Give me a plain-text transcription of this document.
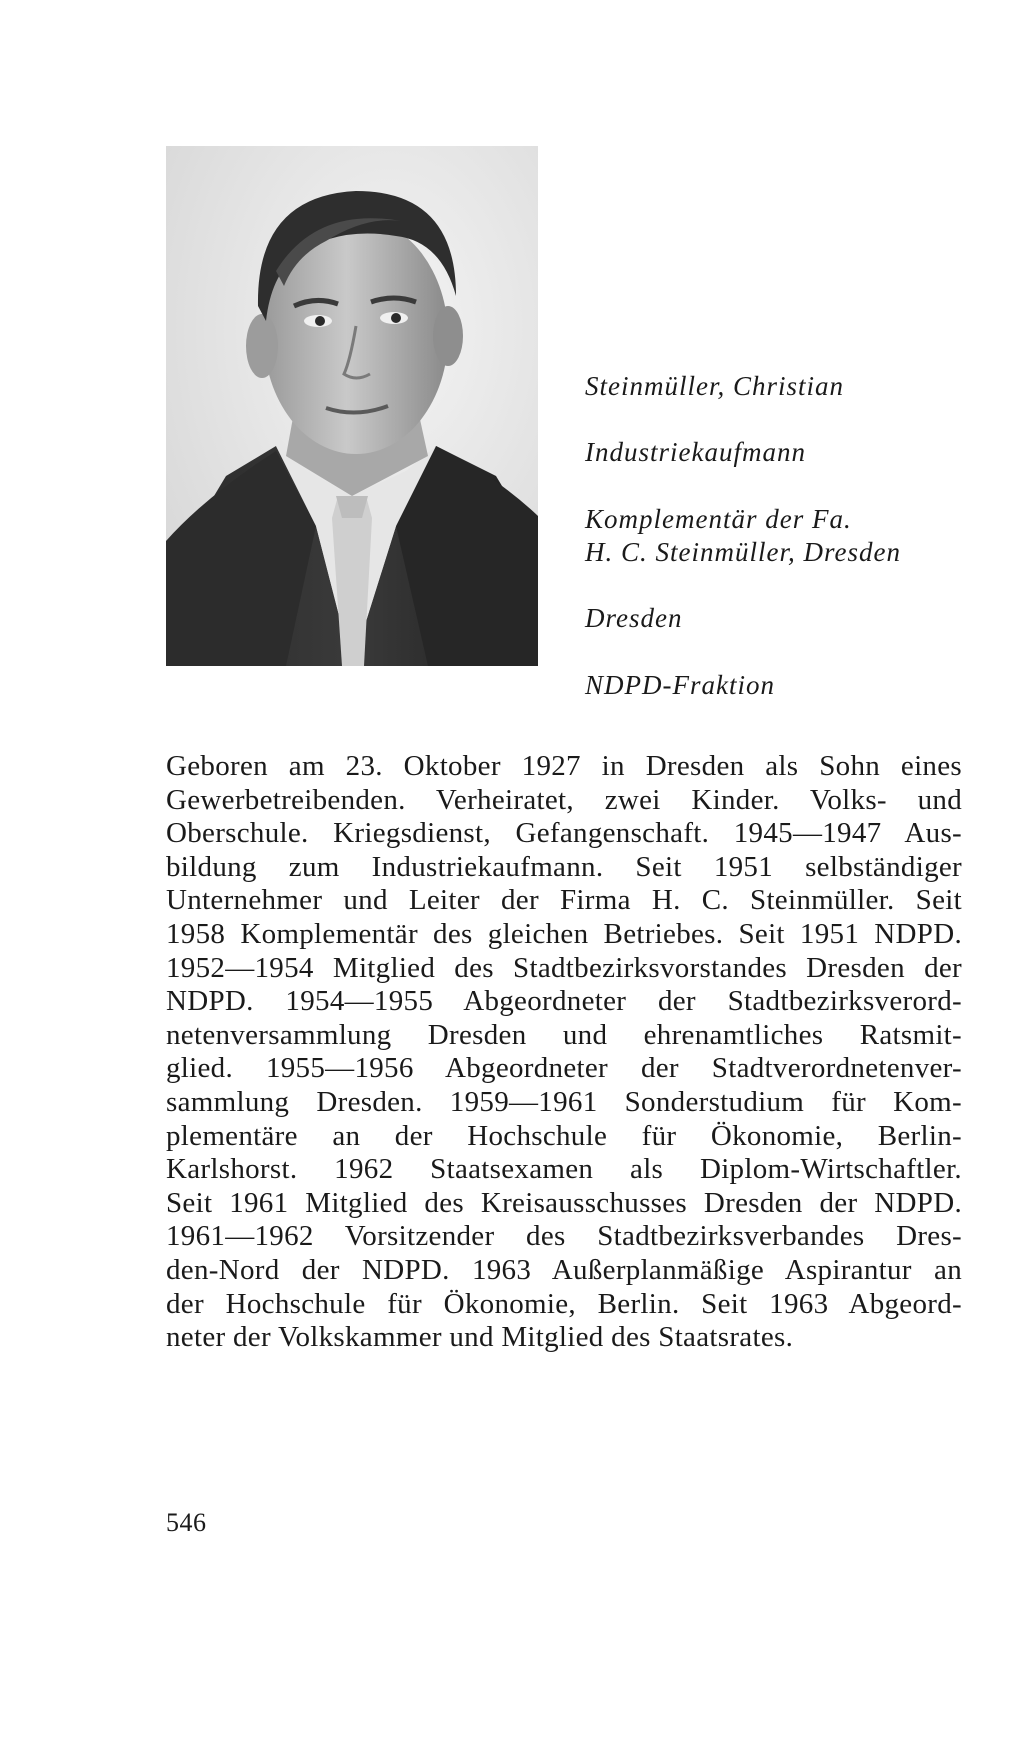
Steinmüller, Christian
Industriekaufmann
Komplementär der Fa.
H. C. Steinmüller, Dresden
Dresden
NDPD-Fraktion
Geboren am 23. Oktober 1927 in Dresden als Sohn eines
Gewerbetreibenden. Verheiratet, zwei Kinder. Volks- und
Oberschule. Kriegsdienst, Gefangenschaft. 1945—1947 Aus-
bildung zum Industriekaufmann. Seit 1951 selbständiger
Unternehmer und Leiter der Firma H. C. Steinmüller. Seit
1958 Komplementär des gleichen Betriebes. Seit 1951 NDPD.
1952—1954 Mitglied des Stadtbezirksvorstandes Dresden der
NDPD. 1954—1955 Abgeordneter der Stadtbezirksverord-
netenversammlung Dresden und ehrenamtliches Ratsmit-
glied. 1955—1956 Abgeordneter der Stadtverordnetenver-
sammlung Dresden. 1959—1961 Sonderstudium für Kom-
plementäre an der Hochschule für Ökonomie, Berlin-
Karlshorst. 1962 Staatsexamen als Diplom-Wirtschaftler.
Seit 1961 Mitglied des Kreisausschusses Dresden der NDPD.
1961—1962 Vorsitzender des Stadtbezirksverbandes Dres-
den-Nord der NDPD. 1963 Außerplanmäßige Aspirantur an
der Hochschule für Ökonomie, Berlin. Seit 1963 Abgeord-
neter der Volkskammer und Mitglied des Staatsrates.
546
